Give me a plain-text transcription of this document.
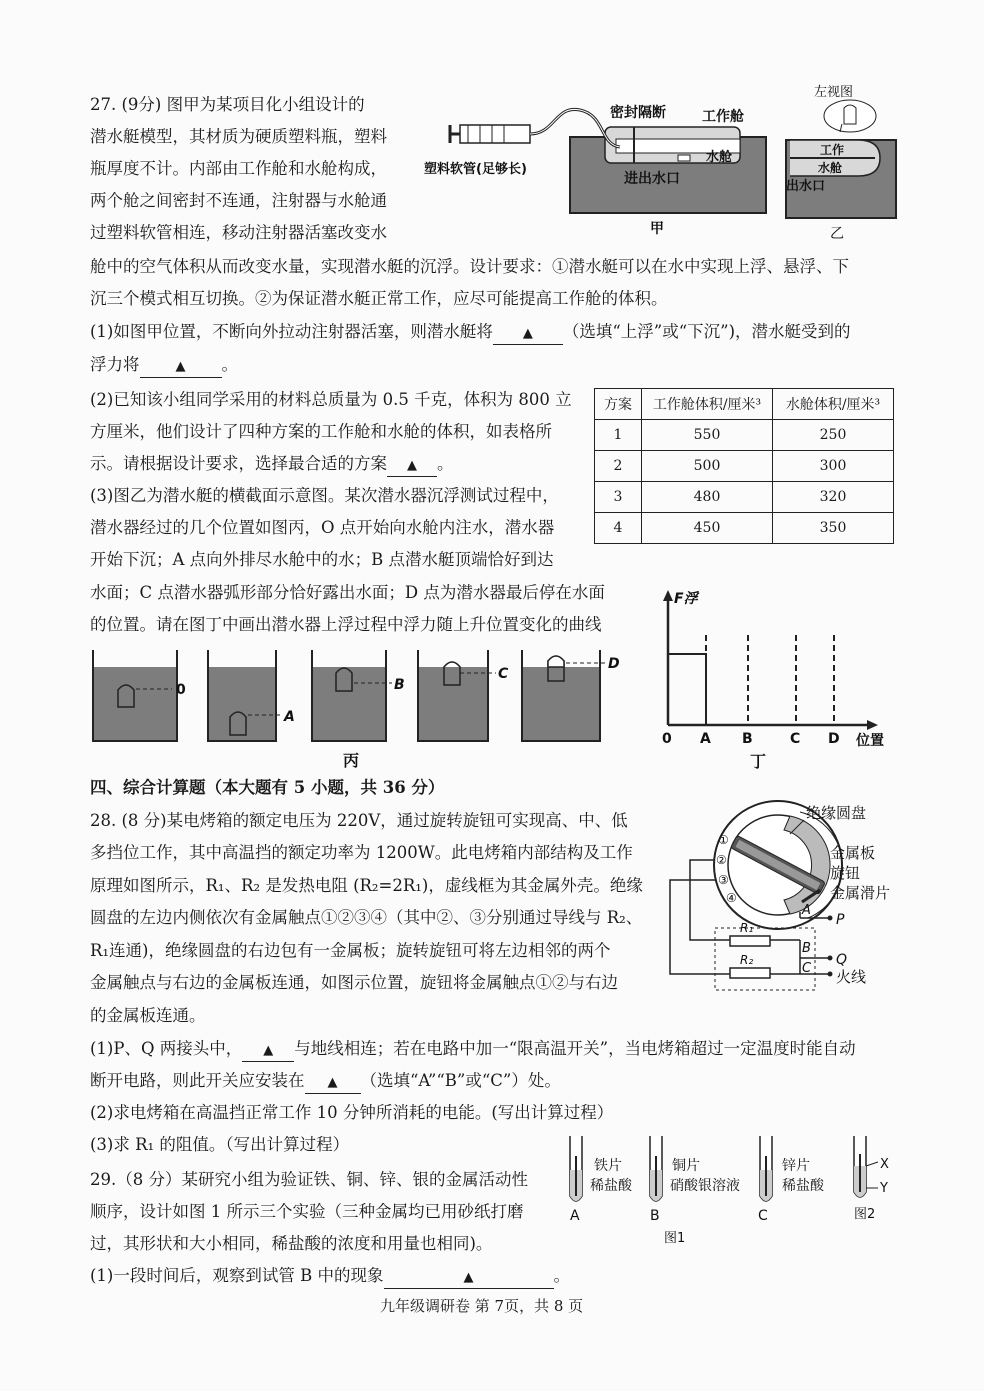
27. (9分) 图甲为某项目化小组设计的
潜水艇模型，其材质为硬质塑料瓶，塑料
瓶厚度不计。内部由工作舱和水舱构成，
两个舱之间密封不连通，注射器与水舱通
过塑料软管相连，移动注射器活塞改变水
舱中的空气体积从而改变水量，实现潜水艇的沉浮。设计要求：①潜水艇可以在水中实现上浮、悬浮、下
沉三个模式相互切换。②为保证潜水艇正常工作，应尽可能提高工作舱的体积。
(1)如图甲位置，不断向外拉动注射器活塞，则潜水艇将 ▲ （选填“上浮”或“下沉”)，潜水艇受到的
浮力将	▲ 。
(2)已知该小组同学采用的材料总质量为 0.5 千克，体积为 800 立
方厘米，他们设计了四种方案的工作舱和水舱的体积，如表格所
示。请根据设计要求，选择最合适的方案 ▲ 。
(3)图乙为潜水艇的横截面示意图。某次潜水器沉浮测试过程中，
潜水器经过的几个位置如图丙，O 点开始向水舱内注水，潜水器
开始下沉；A 点向外排尽水舱中的水；B 点潜水艇顶端恰好到达
水面；C 点潜水器弧形部分恰好露出水面；D 点为潜水器最后停在水面
的位置。请在图丁中画出潜水器上浮过程中浮力随上升位置变化的曲线
密封隔断	工作舱
水舱
塑料软管(足够长)
进出水口
甲
左视图
工作
水舱
出水口
乙
方案	工作舱体积/厘米³	水舱体积/厘米³
1	550	250
2	500	300
3	480	320
4	450	350
0
A
B
C
D
丙
F浮
0 A B	C D 位置
丁
四、综合计算题（本大题有 5 小题，共 36 分）
28. (8 分)某电烤箱的额定电压为 220V，通过旋转旋钮可实现高、中、低
多挡位工作，其中高温挡的额定功率为 1200W。此电烤箱内部结构及工作
原理如图所示，R₁、R₂ 是发热电阻 (R₂=2R₁)，虚线框为其金属外壳。绝缘
圆盘的左边内侧依次有金属触点①②③④（其中②、③分别通过导线与 R₂、
R₁连通)，绝缘圆盘的右边包有一金属板；旋转旋钮可将左边相邻的两个
金属触点与右边的金属板连通，如图示位置，旋钮将金属触点①②与右边
的金属板连通。
(1)P、Q 两接头中， ▲ 与地线相连；若在电路中加一“限高温开关”，当电烤箱超过一定温度时能自动
断开电路，则此开关应安装在 ▲ （选填“A”“B”或“C”）处。
(2)求电烤箱在高温挡正常工作 10 分钟所消耗的电能。(写出计算过程）
(3)求 R₁ 的阻值。（写出计算过程）
①
②
③
④
绝缘圆盘
金属板
旋钮
金属滑片
A
P
B
Q
C 火线
R₁
R₂
29.（8 分）某研究小组为验证铁、铜、锌、银的金属活动性
顺序，设计如图 1 所示三个实验（三种金属均已用砂纸打磨
过，其形状和大小相同，稀盐酸的浓度和用量也相同)。
(1)一段时间后，观察到试管 B 中的现象	▲	。
铁片
稀盐酸
A
铜片
硝酸银溶液
B
锌片
稀盐酸
C
X
Y
图2
图1
九年级调研卷 第 7页，共 8 页
